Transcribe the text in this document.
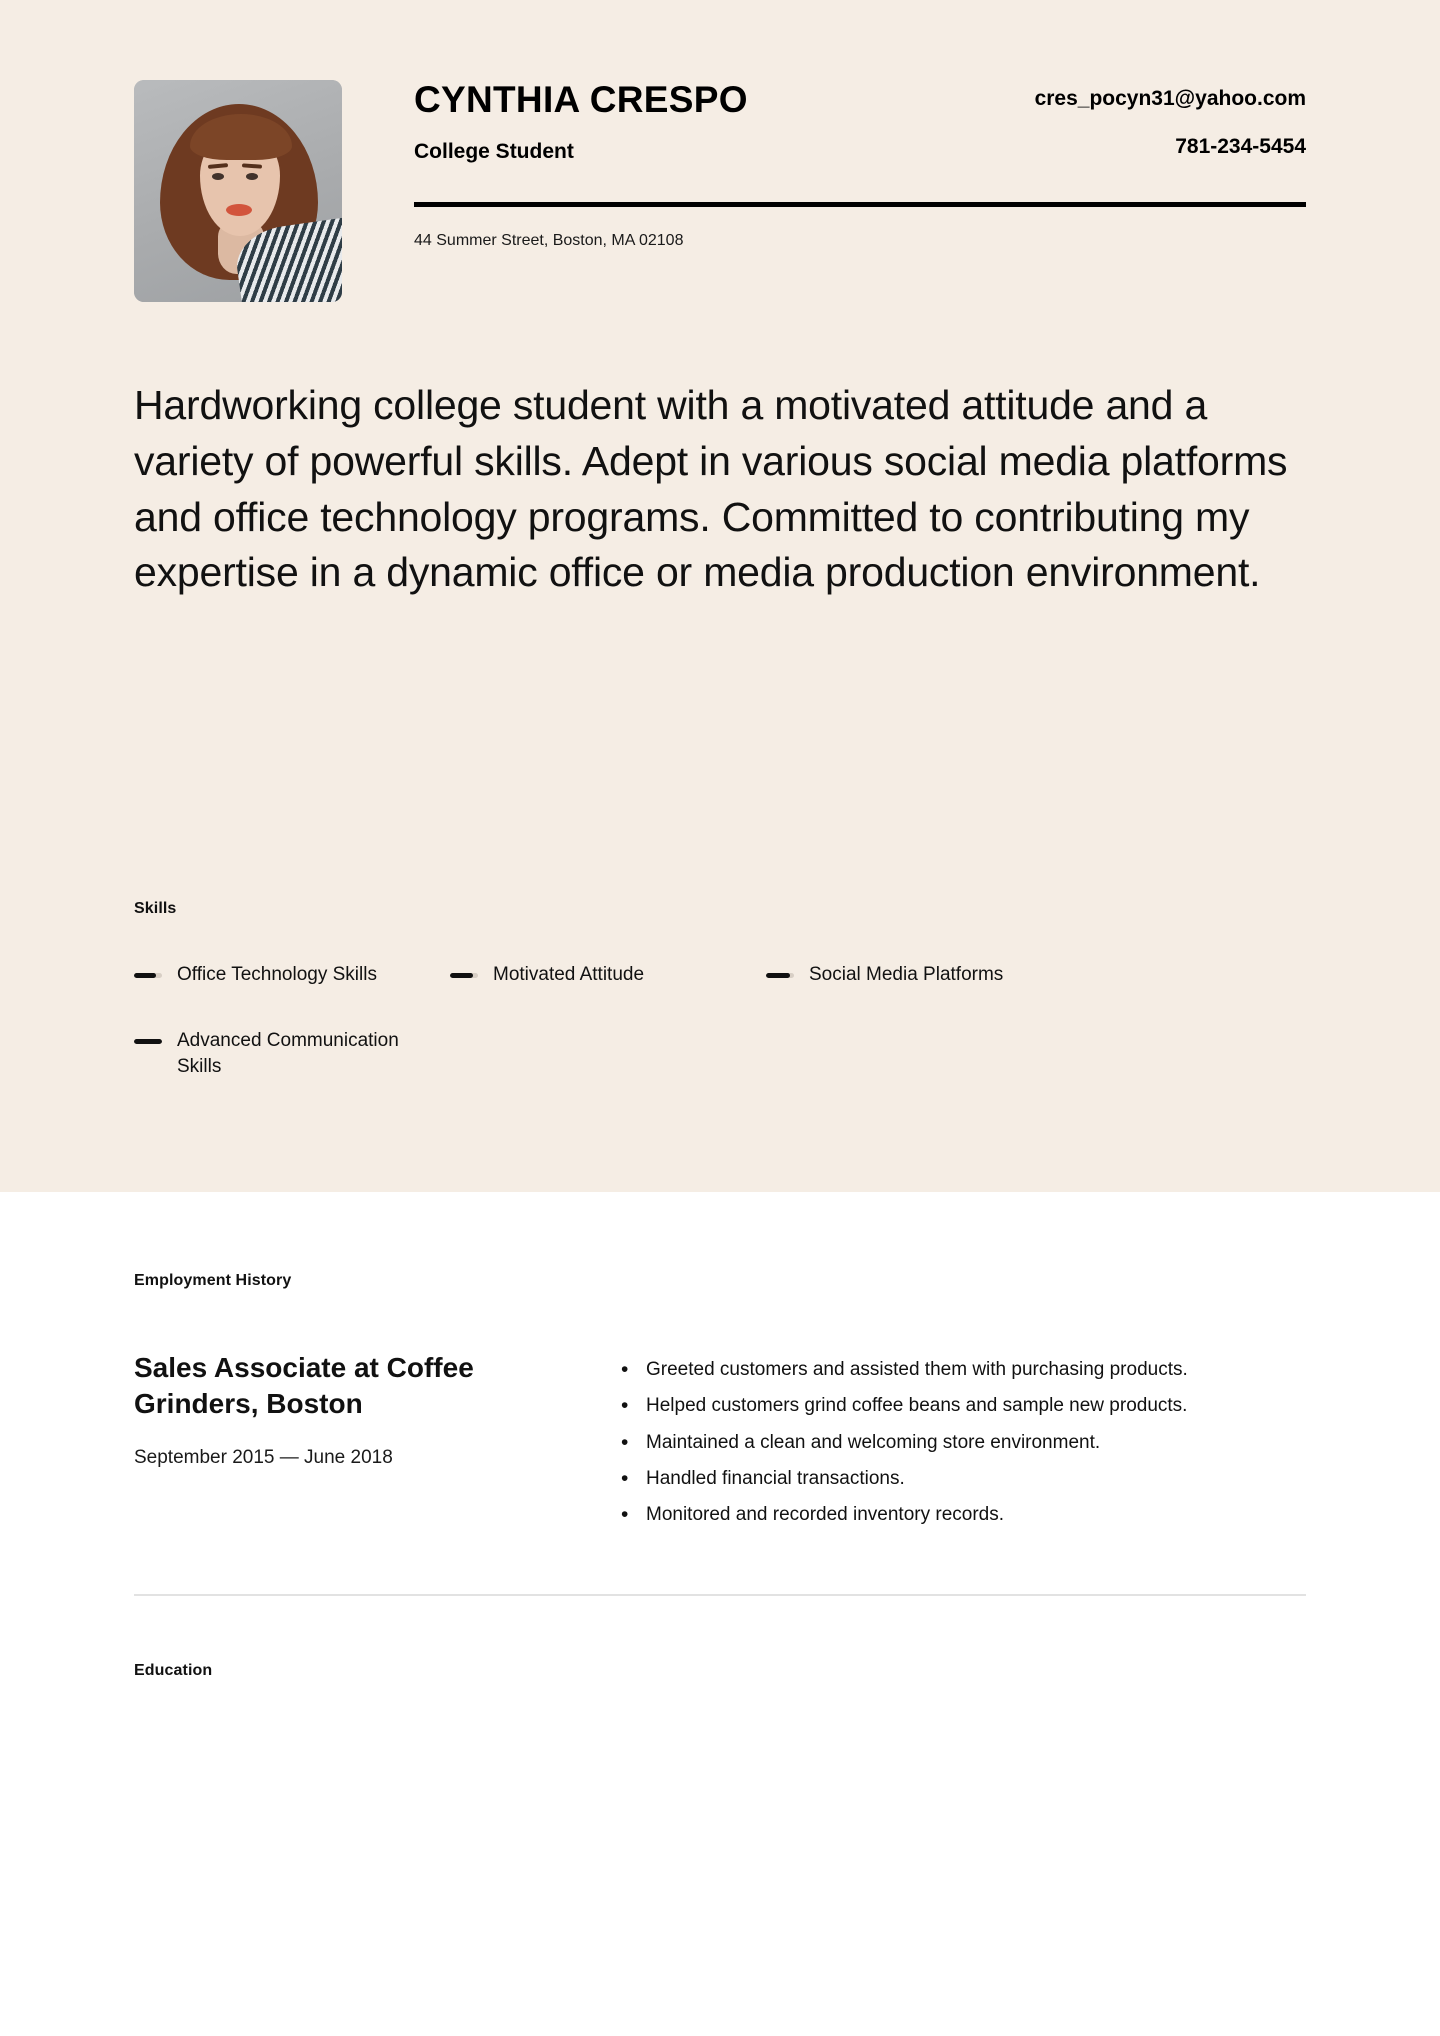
CYNTHIA CRESPO
College Student
cres_pocyn31@yahoo.com
781-234-5454
44 Summer Street, Boston, MA 02108
Hardworking college student with a motivated attitude and a variety of powerful skills. Adept in various social media platforms and office technology programs. Committed to contributing my expertise in a dynamic office or media production environment.
Skills
Office Technology Skills	Motivated Attitude	Social Media Platforms
Advanced Communication Skills
Employment History
Sales Associate at Coffee Grinders, Boston
September 2015 — June 2018
• Greeted customers and assisted them with purchasing products.
• Helped customers grind coffee beans and sample new products.
• Maintained a clean and welcoming store environment.
• Handled financial transactions.
• Monitored and recorded inventory records.
Education
